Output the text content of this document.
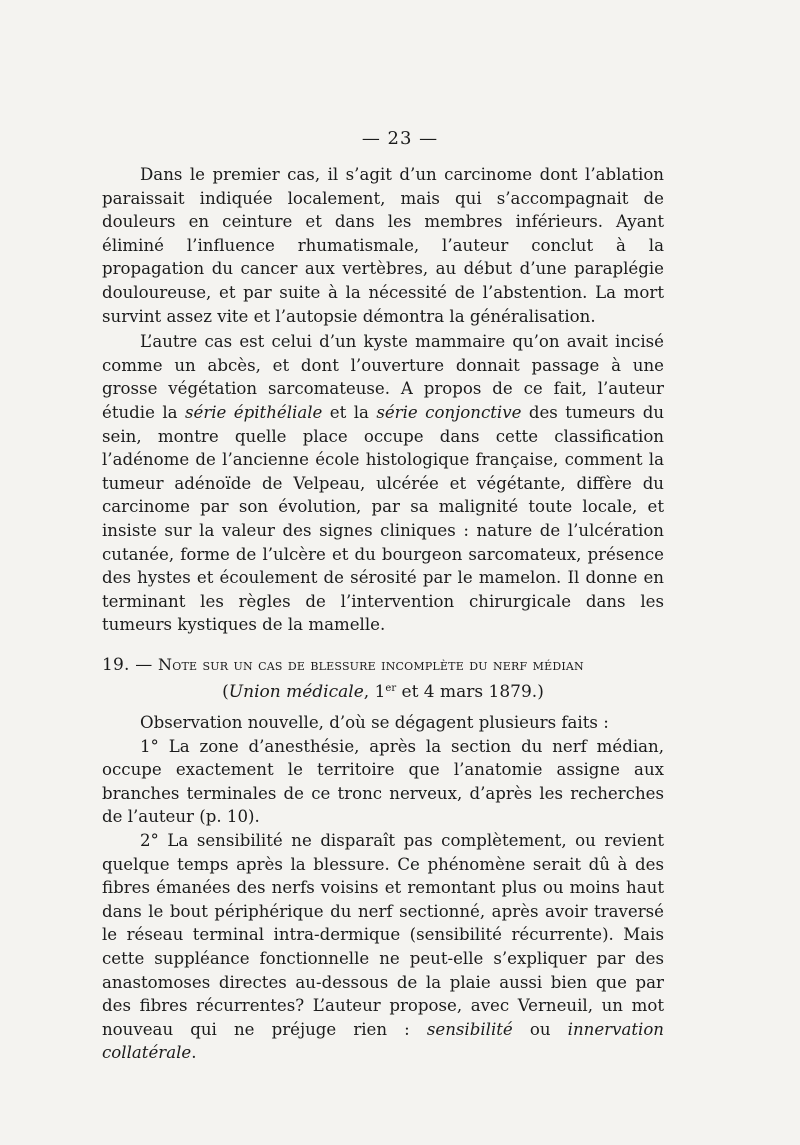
— 23 —

Dans le premier cas, il s’agit d’un carcinome dont l’ablation paraissait indiquée localement, mais qui s’accompagnait de douleurs en ceinture et dans les membres inférieurs. Ayant éliminé l’influence rhumatismale, l’auteur conclut à la propagation du cancer aux vertèbres, au début d’une paraplégie douloureuse, et par suite à la nécessité de l’abstention. La mort survint assez vite et l’autopsie démontra la généralisation.

L’autre cas est celui d’un kyste mammaire qu’on avait incisé comme un abcès, et dont l’ouverture donnait passage à une grosse végétation sarcomateuse. A propos de ce fait, l’auteur étudie la série épithéliale et la série conjonctive des tumeurs du sein, montre quelle place occupe dans cette classification l’adénome de l’ancienne école histologique française, comment la tumeur adénoïde de Velpeau, ulcérée et végétante, diffère du carcinome par son évolution, par sa malignité toute locale, et insiste sur la valeur des signes cliniques : nature de l’ulcération cutanée, forme de l’ulcère et du bourgeon sarcomateux, présence des hystes et écoulement de sérosité par le mamelon. Il donne en terminant les règles de l’intervention chirurgicale dans les tumeurs kystiques de la mamelle.

19. — Note sur un cas de blessure incomplète du nerf médian

(Union médicale, 1er et 4 mars 1879.)

Observation nouvelle, d’où se dégagent plusieurs faits :

1° La zone d’anesthésie, après la section du nerf médian, occupe exactement le territoire que l’anatomie assigne aux branches terminales de ce tronc nerveux, d’après les recherches de l’auteur (p. 10).

2° La sensibilité ne disparaît pas complètement, ou revient quelque temps après la blessure. Ce phénomène serait dû à des fibres émanées des nerfs voisins et remontant plus ou moins haut dans le bout périphérique du nerf sectionné, après avoir traversé le réseau terminal intra-dermique (sensibilité récurrente). Mais cette suppléance fonctionnelle ne peut-elle s’expliquer par des anastomoses directes au-dessous de la plaie aussi bien que par des fibres récurrentes? L’auteur propose, avec Verneuil, un mot nouveau qui ne préjuge rien : sensibilité ou innervation collatérale.
